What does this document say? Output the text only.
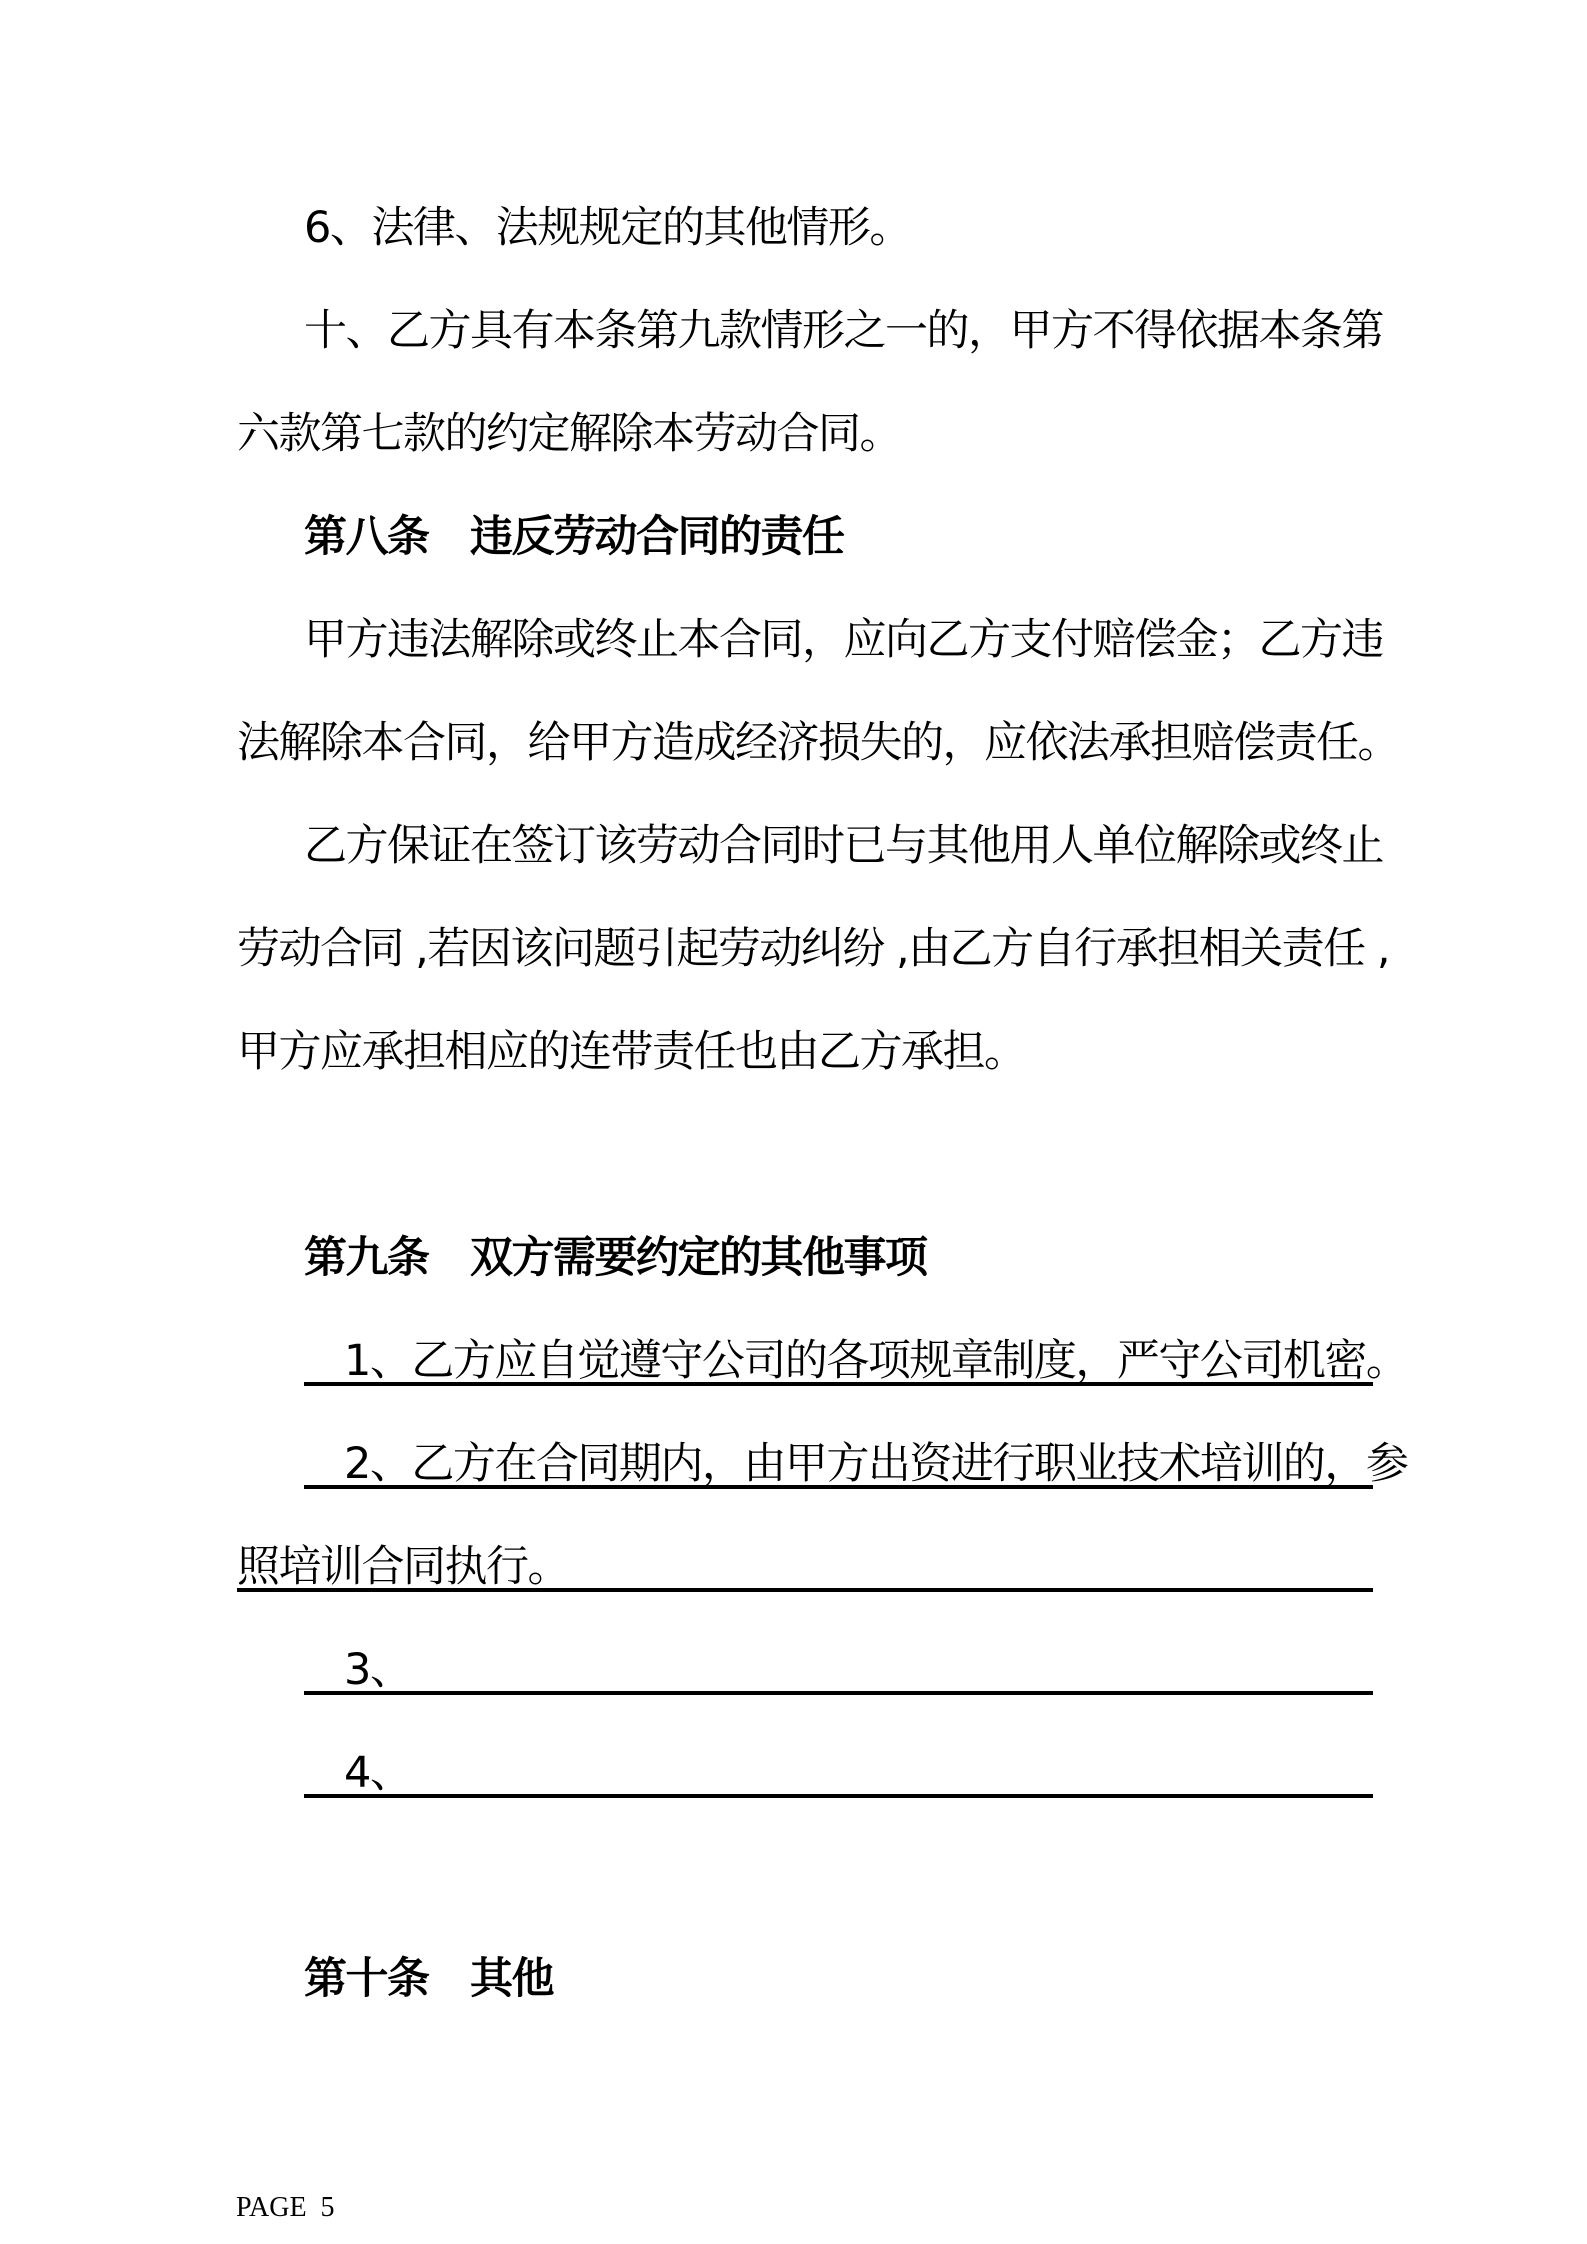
6、法律、法规规定的其他情形。
十、乙方具有本条第九款情形之一的，甲方不得依据本条第
六款第七款的约定解除本劳动合同。
第八条　违反劳动合同的责任
甲方违法解除或终止本合同，应向乙方支付赔偿金；乙方违
法解除本合同，给甲方造成经济损失的，应依法承担赔偿责任。
乙方保证在签订该劳动合同时已与其他用人单位解除或终止
劳动合同 ,若因该问题引起劳动纠纷 ,由乙方自行承担相关责任 ,
甲方应承担相应的连带责任也由乙方承担。
第九条　双方需要约定的其他事项
1、乙方应自觉遵守公司的各项规章制度，严守公司机密。
2、乙方在合同期内，由甲方出资进行职业技术培训的，参
照培训合同执行。
3、
4、
第十条　其他
PAGE  5
